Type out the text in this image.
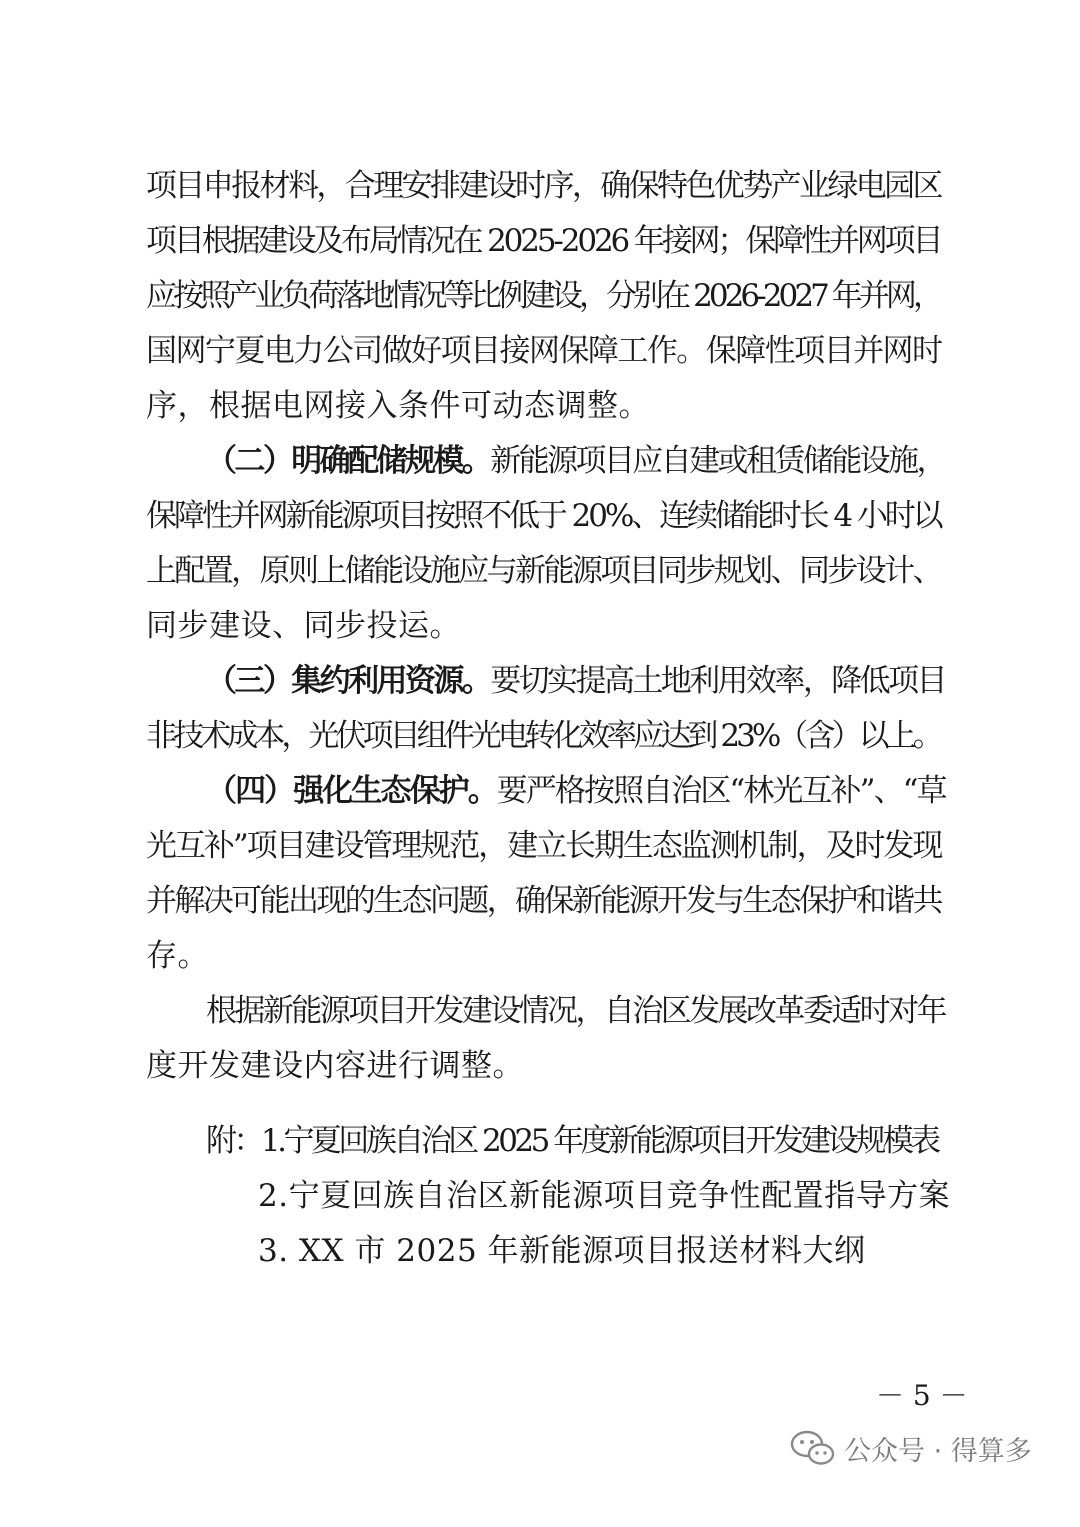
项目申报材料，合理安排建设时序，确保特色优势产业绿电园区
项目根据建设及布局情况在 2025-2026 年接网；保障性并网项目
应按照产业负荷落地情况等比例建设，分别在 2026-2027 年并网，
国网宁夏电力公司做好项目接网保障工作。保障性项目并网时
序，根据电网接入条件可动态调整。
（二）明确配储规模。新能源项目应自建或租赁储能设施，
保障性并网新能源项目按照不低于 20%、连续储能时长 4 小时以
上配置，原则上储能设施应与新能源项目同步规划、同步设计、
同步建设、同步投运。
（三）集约利用资源。要切实提高土地利用效率，降低项目
非技术成本，光伏项目组件光电转化效率应达到 23%（含）以上。
（四）强化生态保护。要严格按照自治区“林光互补”、“草
光互补”项目建设管理规范，建立长期生态监测机制，及时发现
并解决可能出现的生态问题，确保新能源开发与生态保护和谐共
存。
根据新能源项目开发建设情况，自治区发展改革委适时对年
度开发建设内容进行调整。
附：1.宁夏回族自治区 2025 年度新能源项目开发建设规模表
2.宁夏回族自治区新能源项目竞争性配置指导方案
3. XX 市 2025 年新能源项目报送材料大纲
－ 5 －
公众号 · 得算多
